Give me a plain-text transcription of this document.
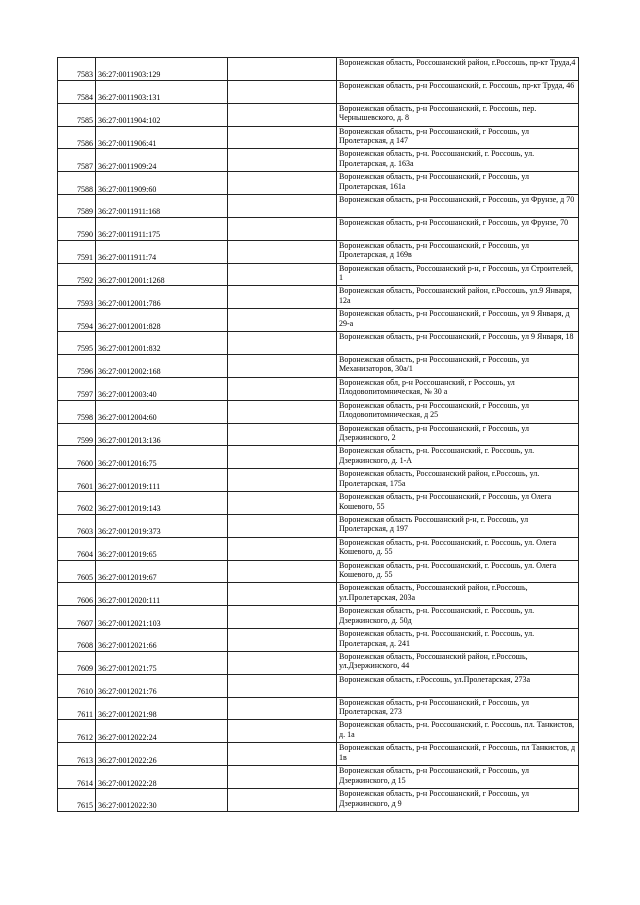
7583	36:27:0011903:129		Воронежская область, Россошанский район, г.Россошь, пр-кт Труда,4
7584	36:27:0011903:131		Воронежская область, р-н Россошанский, г. Россошь, пр-кт Труда, 46
7585	36:27:0011904:102		Воронежская область, р-н Россошанский, г. Россошь, пер. Чернышевского, д. 8
7586	36:27:0011906:41		Воронежская область, р-н Россошанский, г Россошь, ул Пролетарская, д 147
7587	36:27:0011909:24		Воронежская область, р-н. Россошанский, г. Россошь, ул. Пролетарская, д. 163а
7588	36:27:0011909:60		Воронежская область, р-н Россошанский, г Россошь, ул Пролетарская, 161а
7589	36:27:0011911:168		Воронежская область, р-н Россошанский, г Россошь, ул Фрунзе, д 70
7590	36:27:0011911:175		Воронежская область, р-н Россошанский, г Россошь, ул Фрунзе, 70
7591	36:27:0011911:74		Воронежская область, р-н Россошанский, г Россошь, ул Пролетарская, д 169в
7592	36:27:0012001:1268		Воронежская область, Россошанский р-н, г Россошь, ул Строителей, 1
7593	36:27:0012001:786		Воронежская область, Россошанский район, г.Россошь, ул.9 Января, 12а
7594	36:27:0012001:828		Воронежская область, р-н Россошанский, г Россошь, ул 9 Января, д 29-а
7595	36:27:0012001:832		Воронежская область, р-н Россошанский, г Россошь, ул 9 Января, 18
7596	36:27:0012002:168		Воронежская область, р-н Россошанский, г Россошь, ул Механизаторов, 30а/1
7597	36:27:0012003:40		Воронежская обл, р-н Россошанский, г Россошь, ул Плодовопитомническая, № 30 а
7598	36:27:0012004:60		Воронежская область, р-н Россошанский, г Россошь, ул Плодовопитомническая, д 25
7599	36:27:0012013:136		Воронежская область, р-н Россошанский, г Россошь, ул Дзержинского, 2
7600	36:27:0012016:75		Воронежская область, р-н. Россошанский, г. Россошь, ул. Дзержинского, д. 1-А
7601	36:27:0012019:111		Воронежская область, Россошанский район, г.Россошь, ул. Пролетарская, 175а
7602	36:27:0012019:143		Воронежская область, р-н Россошанский, г Россошь, ул Олега Кошевого, 55
7603	36:27:0012019:373		Воронежская область Россошанский р-н, г. Россошь, ул Пролетарская, д 197
7604	36:27:0012019:65		Воронежская область, р-н. Россошанский, г. Россошь, ул. Олега Кошевого, д. 55
7605	36:27:0012019:67		Воронежская область, р-н. Россошанский, г. Россошь, ул. Олега Кошевого, д. 55
7606	36:27:0012020:111		Воронежская область, Россошанский район, г.Россошь, ул.Пролетарская, 203а
7607	36:27:0012021:103		Воронежская область, р-н. Россошанский, г. Россошь, ул. Дзержинского, д. 50д
7608	36:27:0012021:66		Воронежская область, р-н. Россошанский, г. Россошь, ул. Пролетарская, д. 241
7609	36:27:0012021:75		Воронежская область, Россошанский район, г.Россошь, ул.Дзержинского, 44
7610	36:27:0012021:76		Воронежская область, г.Россошь, ул.Пролетарская, 273а
7611	36:27:0012021:98		Воронежская область, р-н Россошанский, г Россошь, ул Пролетарская, 273
7612	36:27:0012022:24		Воронежская область, р-н. Россошанский, г. Россошь, пл. Танкистов, д. 1а
7613	36:27:0012022:26		Воронежская область, р-н Россошанский, г Россошь, пл Танкистов, д 1в
7614	36:27:0012022:28		Воронежская область, р-н Россошанский, г Россошь, ул Дзержинского, д 15
7615	36:27:0012022:30		Воронежская область, р-н Россошанский, г Россошь, ул Дзержинского, д 9
